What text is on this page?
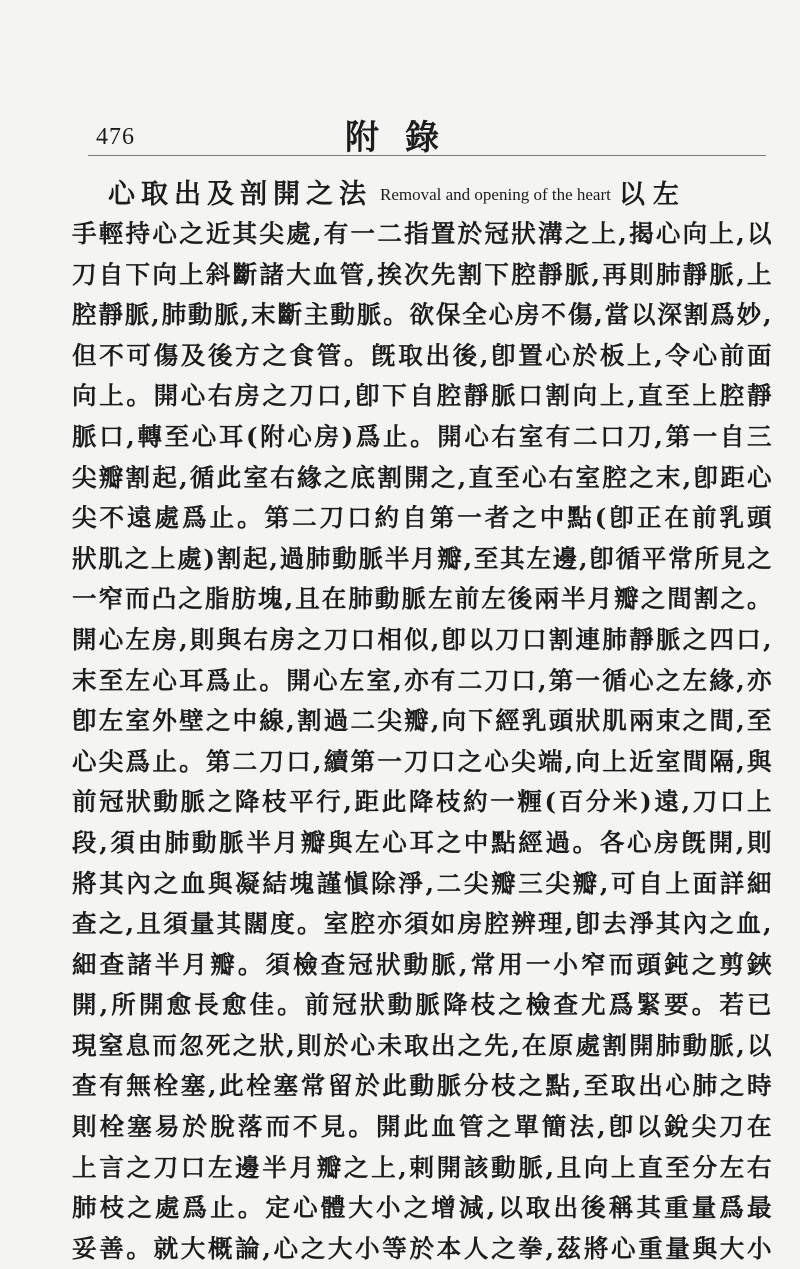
476	附錄
心取出及剖開之法 Removal and opening of the heart 以左
手輕持心之近其尖處,有一二指置於冠狀溝之上,揭心向上,以
刀自下向上斜斷諸大血管,挨次先割下腔靜脈,再則肺靜脈,上
腔靜脈,肺動脈,末斷主動脈。欲保全心房不傷,當以深割爲妙,
但不可傷及後方之食管。旣取出後,卽置心於板上,令心前面
向上。開心右房之刀口,卽下自腔靜脈口割向上,直至上腔靜
脈口,轉至心耳(附心房)爲止。開心右室有二口刀,第一自三
尖瓣割起,循此室右緣之底割開之,直至心右室腔之末,卽距心
尖不遠處爲止。第二刀口約自第一者之中點(卽正在前乳頭
狀肌之上處)割起,過肺動脈半月瓣,至其左邊,卽循平常所見之
一窄而凸之脂肪塊,且在肺動脈左前左後兩半月瓣之間割之。
開心左房,則與右房之刀口相似,卽以刀口割連肺靜脈之四口,
末至左心耳爲止。開心左室,亦有二刀口,第一循心之左緣,亦
卽左室外壁之中線,割過二尖瓣,向下經乳頭狀肌兩束之間,至
心尖爲止。第二刀口,續第一刀口之心尖端,向上近室間隔,與
前冠狀動脈之降枝平行,距此降枝約一糎(百分米)遠,刀口上
段,須由肺動脈半月瓣與左心耳之中點經過。各心房旣開,則
將其內之血與凝結塊謹愼除淨,二尖瓣三尖瓣,可自上面詳細
查之,且須量其闊度。室腔亦須如房腔辨理,卽去淨其內之血,
細查諸半月瓣。須檢查冠狀動脈,常用一小窄而頭鈍之剪鋏
開,所開愈長愈佳。前冠狀動脈降枝之檢查尤爲緊要。若已
現窒息而忽死之狀,則於心未取出之先,在原處割開肺動脈,以
查有無栓塞,此栓塞常留於此動脈分枝之點,至取出心肺之時
則栓塞易於脫落而不見。開此血管之單簡法,卽以銳尖刀在
上言之刀口左邊半月瓣之上,剌開該動脈,且向上直至分左右
肺枝之處爲止。定心體大小之增減,以取出後稱其重量爲最
妥善。就大概論,心之大小等於本人之拳,茲將心重量與大小
